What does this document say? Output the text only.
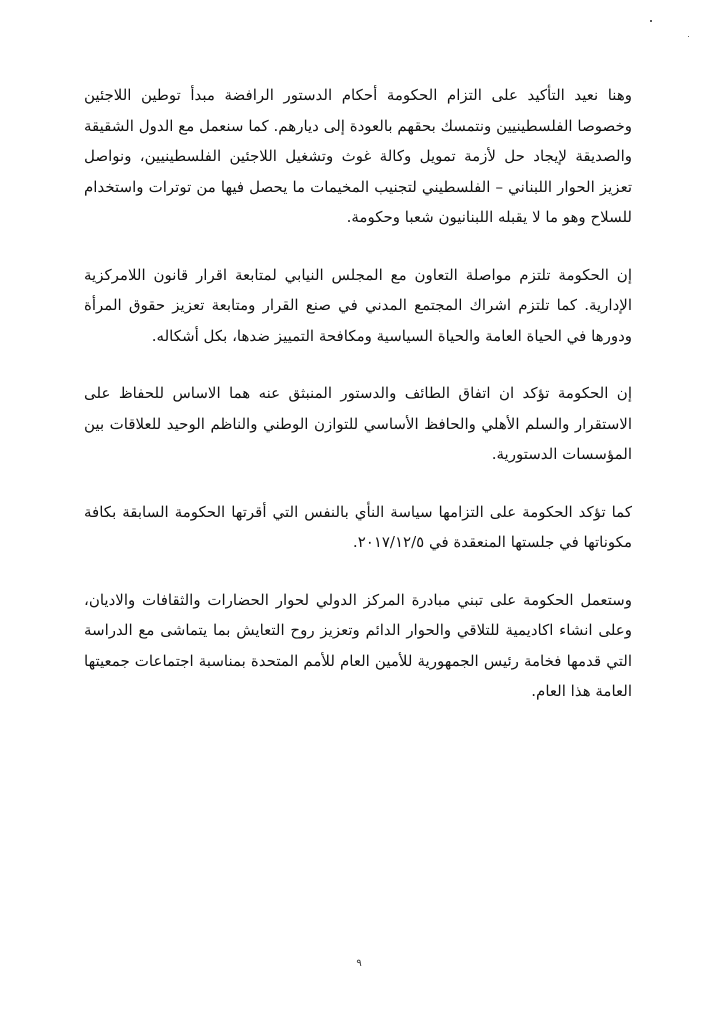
وهنا نعيد التأكيد على التزام الحكومة أحكام الدستور الرافضة مبدأ توطين اللاجئين وخصوصا الفلسطينيين ونتمسك بحقهم بالعودة إلى ديارهم. كما سنعمل مع الدول الشقيقة والصديقة لإيجاد حل لأزمة تمويل وكالة غوث وتشغيل اللاجئين الفلسطينيين، ونواصل تعزيز الحوار اللبناني – الفلسطيني لتجنيب المخيمات ما يحصل فيها من توترات واستخدام للسلاح وهو ما لا يقبله اللبنانيون شعبا وحكومة.

إن الحكومة تلتزم مواصلة التعاون مع المجلس النيابي لمتابعة اقرار قانون اللامركزية الإدارية. كما تلتزم اشراك المجتمع المدني في صنع القرار ومتابعة تعزيز حقوق المرأة ودورها في الحياة العامة والحياة السياسية ومكافحة التمييز ضدها، بكل أشكاله.

إن الحكومة تؤكد ان اتفاق الطائف والدستور المنبثق عنه هما الاساس للحفاظ على الاستقرار والسلم الأهلي والحافظ الأساسي للتوازن الوطني والناظم الوحيد للعلاقات بين المؤسسات الدستورية.

كما تؤكد الحكومة على التزامها سياسة النأي بالنفس التي أقرتها الحكومة السابقة بكافة مكوناتها في جلستها المنعقدة في ٢٠١٧/١٢/٥.

وستعمل الحكومة على تبني مبادرة المركز الدولي لحوار الحضارات والثقافات والاديان، وعلى انشاء اكاديمية للتلاقي والحوار الدائم وتعزيز روح التعايش بما يتماشى مع الدراسة التي قدمها فخامة رئيس الجمهورية للأمين العام للأمم المتحدة بمناسبة اجتماعات جمعيتها العامة هذا العام.

٩
